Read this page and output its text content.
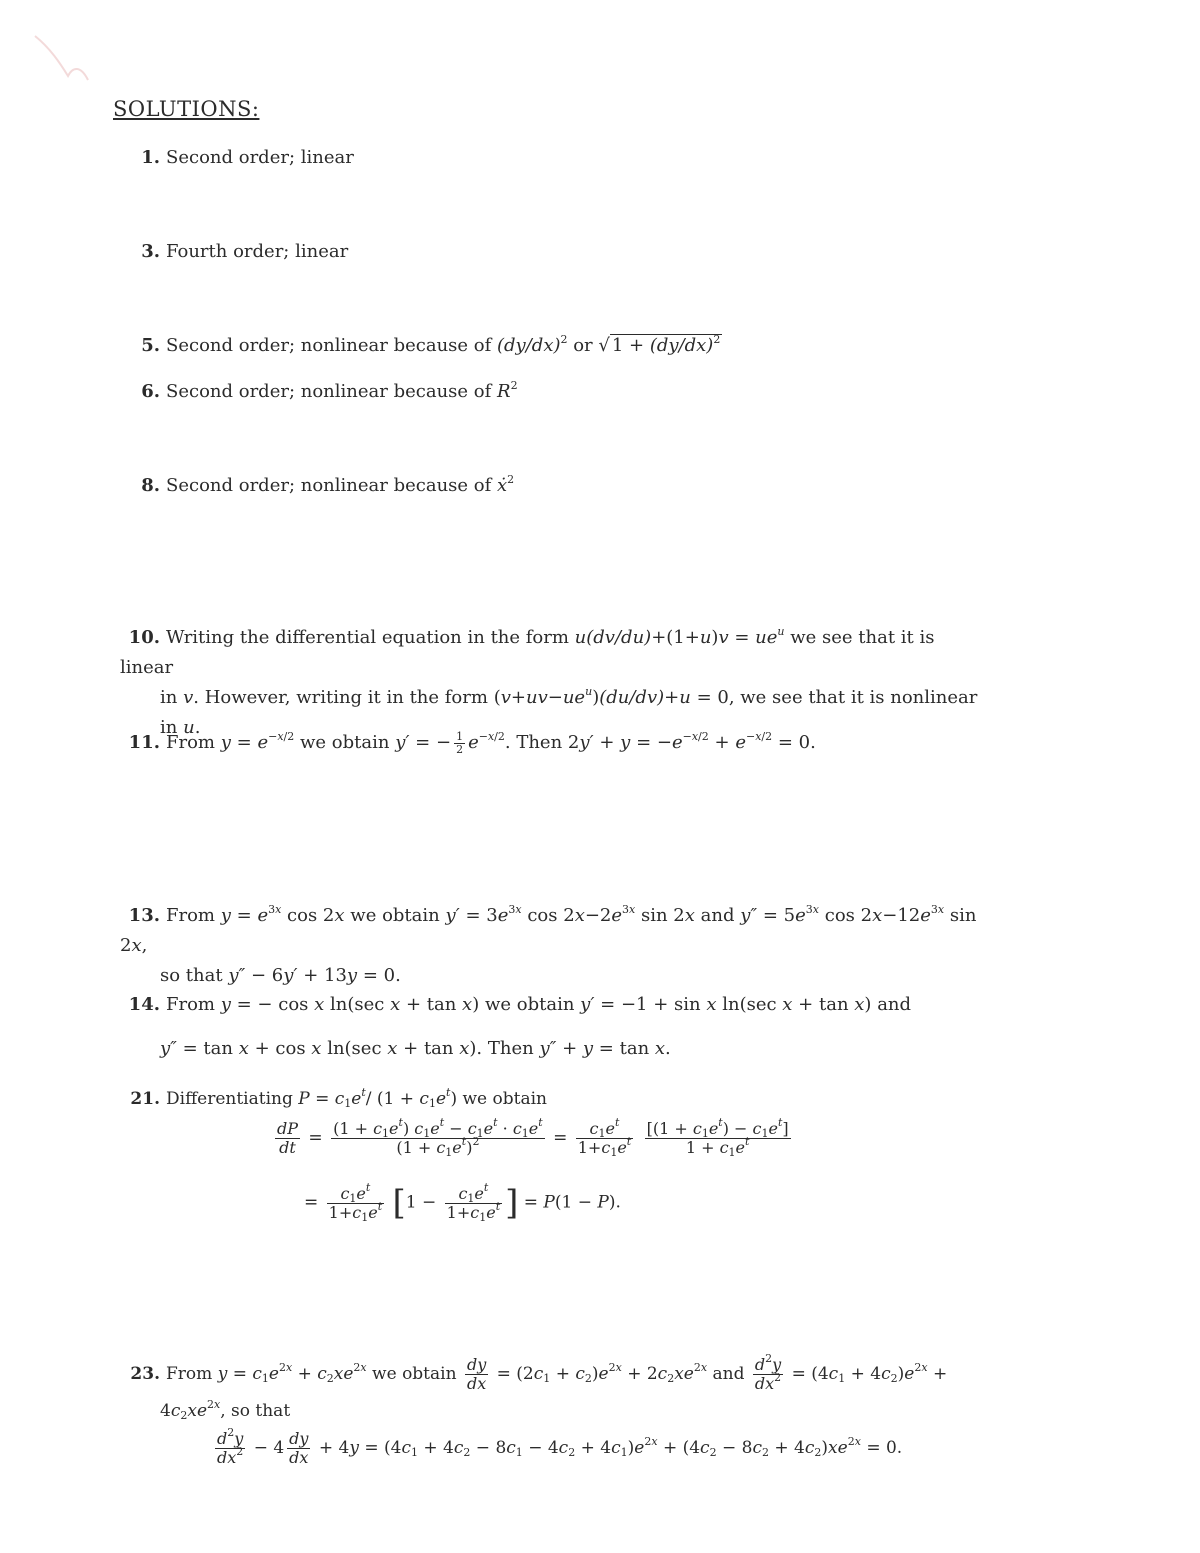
SOLUTIONS:
1. Second order; linear
3. Fourth order; linear
5. Second order; nonlinear because of $(dy/dx)^2$ or √ $1 + (dy/dx)^2$
6. Second order; nonlinear because of $R^2$
8. Second order; nonlinear because of ẋ$^2$
10. Writing the differential equation in the form $u(dv/du)+(1+u)v = ue^u$ we see that it is linear
in v. However, writing it in the form $(v+uv-ue^u)(du/dv)+u = 0$, we see that it is nonlinear
in u.
11. From $y = e^{-x/2}$ we obtain y′ = − $\frac{1}{2} e^{-x/2}$. Then $2y' + y = -e^{-x/2} + e^{-x/2} = 0$.
13. From $y = e^{3x}$ cos 2x we obtain $y' = 3e^{3x}$ $\cos 2x-2e^{3x}$ sin 2x and $y'' = 5e^{3x}$ $\cos 2x-12e^{3x}$ sin 2x,
so that y″ − 6y′ + 13y = 0.
14. From y = − cos x ln(sec x + tan x) we obtain y′ = −1 + sin x ln(sec x + tan x) and
y″ = tan x + cos x ln(sec x + tan x). Then y″ + y = tan x.
21. Differentiating $P = c_1e^t/$ $(1 + c_1e^t)$ we obtain
$\frac{dP}{dt} = \frac{(1 + c_1e^t) c_1e^t - c_1e^t \cdot c_1e^t}{(1 + c_1e^t)^2} = \frac{c_1e^t}{1+c_1e^t}$
$\frac{[(1 + c_1e^t) - c_1e^t]}{1 + c_1e^t}$
= $\frac{c_1e^t}{1+c_1e^t} [1 - \frac{c_1e^t}{1+c_1e^t}$ ] = P(1 − P).
23. From $y = c_1e^{2x} + c_2xe^{2x}$ we obtain $\frac{dy}{dx} = (2c_1 + c_2)e^{2x} + 2c_2xe^{2x}$ and $\frac{d^2y}{dx^2} = (4c_1 + 4c_2)e^{2x}$ +
$4c_2xe^{2x}$, so that
$\frac{d^2y}{dx^2} - 4 \frac{dy}{dx} + 4y = (4c_1 + 4c_2 - 8c_1 - 4c_2 + 4c_1)e^{2x} + (4c_2 - 8c_2 + 4c_2)xe^{2x} = 0$.
